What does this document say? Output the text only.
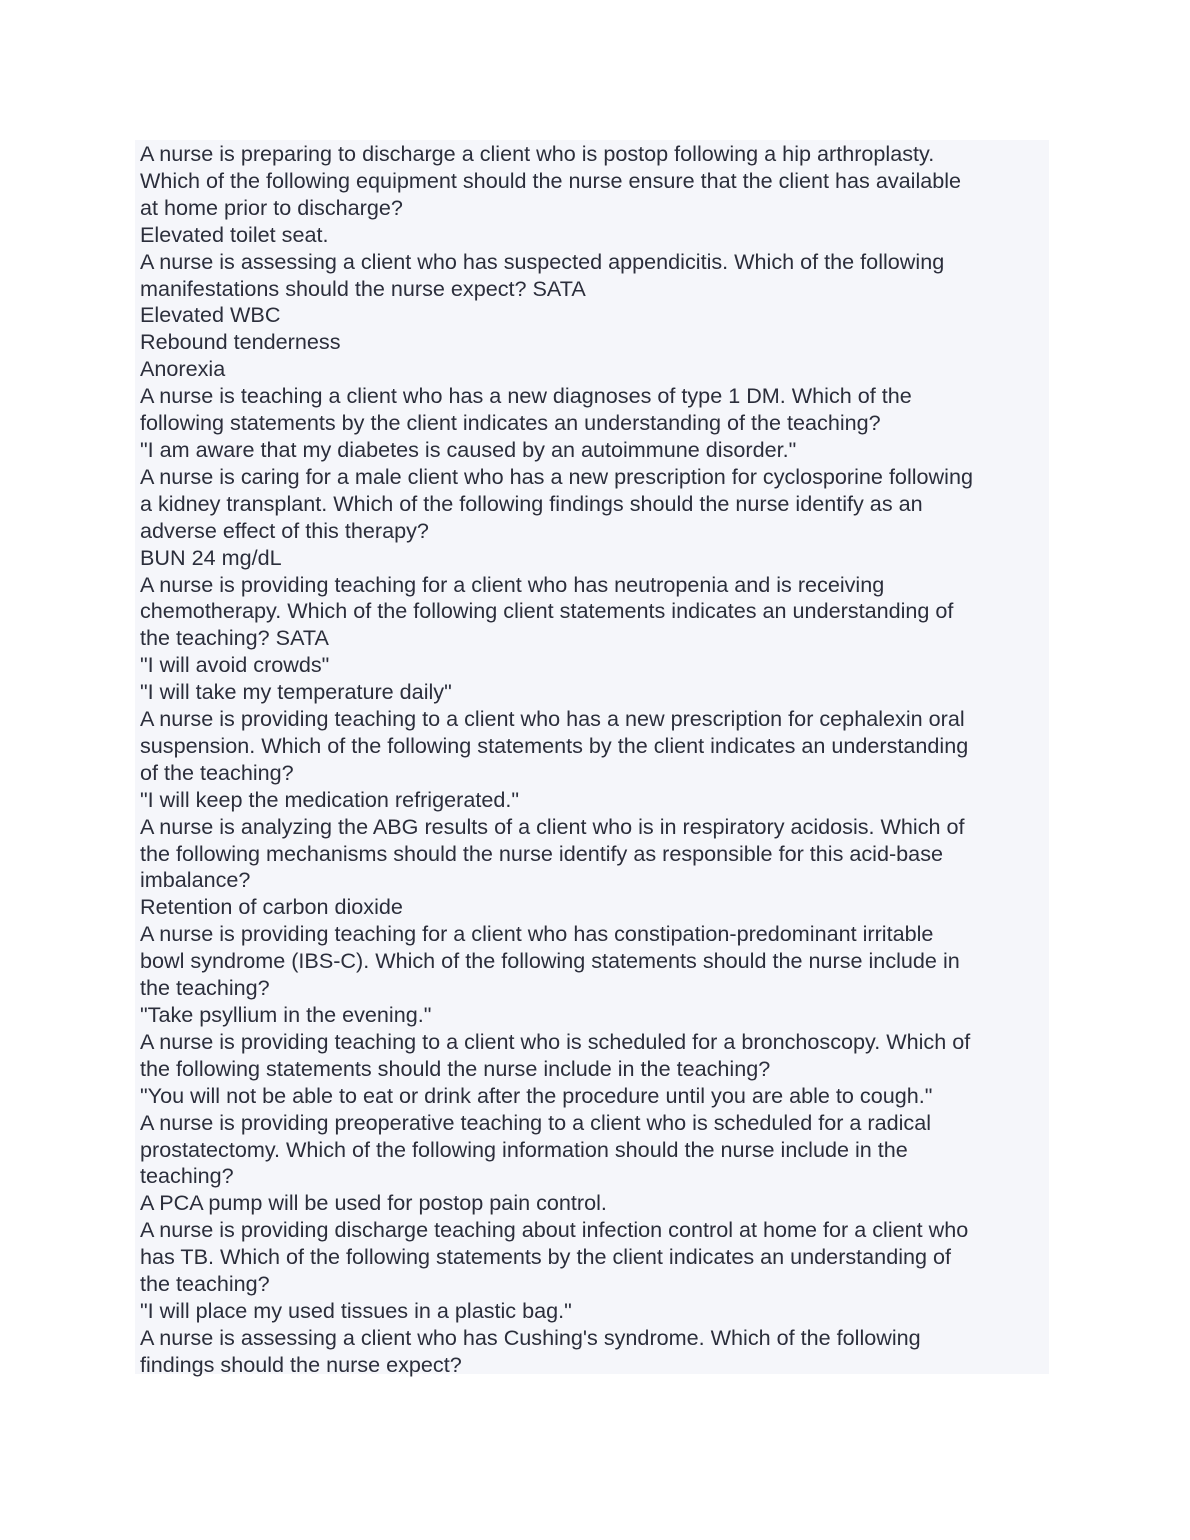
A nurse is preparing to discharge a client who is postop following a hip arthroplasty.
Which of the following equipment should the nurse ensure that the client has available
at home prior to discharge?
Elevated toilet seat.
A nurse is assessing a client who has suspected appendicitis. Which of the following
manifestations should the nurse expect? SATA
Elevated WBC
Rebound tenderness
Anorexia
A nurse is teaching a client who has a new diagnoses of type 1 DM. Which of the
following statements by the client indicates an understanding of the teaching?
"I am aware that my diabetes is caused by an autoimmune disorder."
A nurse is caring for a male client who has a new prescription for cyclosporine following
a kidney transplant. Which of the following findings should the nurse identify as an
adverse effect of this therapy?
BUN 24 mg/dL
A nurse is providing teaching for a client who has neutropenia and is receiving
chemotherapy. Which of the following client statements indicates an understanding of
the teaching? SATA
"I will avoid crowds"
"I will take my temperature daily"
A nurse is providing teaching to a client who has a new prescription for cephalexin oral
suspension. Which of the following statements by the client indicates an understanding
of the teaching?
"I will keep the medication refrigerated."
A nurse is analyzing the ABG results of a client who is in respiratory acidosis. Which of
the following mechanisms should the nurse identify as responsible for this acid-base
imbalance?
Retention of carbon dioxide
A nurse is providing teaching for a client who has constipation-predominant irritable
bowl syndrome (IBS-C). Which of the following statements should the nurse include in
the teaching?
"Take psyllium in the evening."
A nurse is providing teaching to a client who is scheduled for a bronchoscopy. Which of
the following statements should the nurse include in the teaching?
"You will not be able to eat or drink after the procedure until you are able to cough."
A nurse is providing preoperative teaching to a client who is scheduled for a radical
prostatectomy. Which of the following information should the nurse include in the
teaching?
A PCA pump will be used for postop pain control.
A nurse is providing discharge teaching about infection control at home for a client who
has TB. Which of the following statements by the client indicates an understanding of
the teaching?
"I will place my used tissues in a plastic bag."
A nurse is assessing a client who has Cushing's syndrome. Which of the following
findings should the nurse expect?
